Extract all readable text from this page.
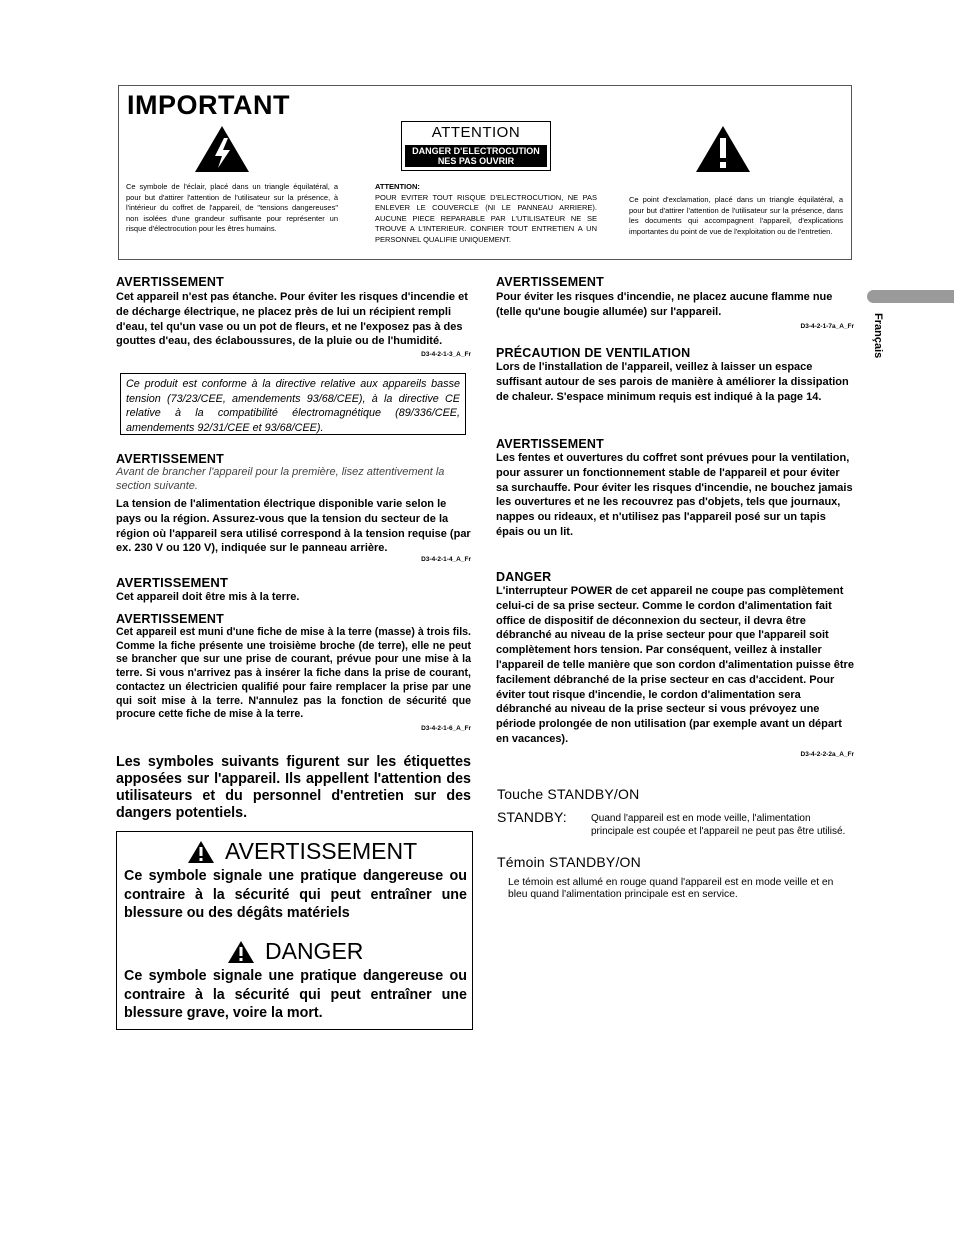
IMPORTANT
ATTENTION
DANGER D'ELECTROCUTION
NES PAS OUVRIR
Ce symbole de l'éclair, placé dans un triangle équilatéral, a pour but d'attirer l'attention de l'utilisateur sur la présence, à l'intérieur du coffret de l'appareil, de "tensions dangereuses" non isolées d'une grandeur suffisante pour représenter un risque d'électrocution pour les êtres humains.
ATTENTION:
POUR EVITER TOUT RISQUE D'ELECTROCUTION, NE PAS ENLEVER LE COUVERCLE (NI LE PANNEAU ARRIERE). AUCUNE PIECE REPARABLE PAR L'UTILISATEUR NE SE TROUVE A L'INTERIEUR. CONFIER TOUT ENTRETIEN A UN PERSONNEL QUALIFIE UNIQUEMENT.
Ce point d'exclamation, placé dans un triangle équilatéral, a pour but d'attirer l'attention de l'utilisateur sur la présence, dans les documents qui accompagnent l'appareil, d'explications importantes du point de vue de l'exploitation ou de l'entretien.
Français
AVERTISSEMENT
Cet appareil n'est pas étanche. Pour éviter les risques d'incendie et de décharge électrique, ne placez près de lui un récipient rempli d'eau, tel qu'un vase ou un pot de fleurs, et ne l'exposez pas à des gouttes d'eau, des éclaboussures, de la pluie ou de l'humidité.
D3-4-2-1-3_A_Fr
Ce produit est conforme à la directive relative aux appareils basse tension (73/23/CEE, amendements 93/68/CEE), à la directive CE relative à la compatibilité électromagnétique (89/336/CEE, amendements 92/31/CEE et 93/68/CEE).
AVERTISSEMENT
Avant de brancher l'appareil pour la première, lisez attentivement la section suivante.
La tension de l'alimentation électrique disponible varie selon le pays ou la région. Assurez-vous que la tension du secteur de la région où l'appareil sera utilisé correspond à la tension requise (par ex. 230 V ou 120 V), indiquée sur le panneau arrière.
D3-4-2-1-4_A_Fr
AVERTISSEMENT
Cet appareil doit être mis à la terre.
AVERTISSEMENT
Cet appareil est muni d'une fiche de mise à la terre (masse) à trois fils. Comme la fiche présente une troisième broche (de terre), elle ne peut se brancher que sur une prise de courant, prévue pour une mise à la terre. Si vous n'arrivez pas à insérer la fiche dans la prise de courant, contactez un électricien qualifié pour faire remplacer la prise par une qui soit mise à la terre. N'annulez pas la fonction de sécurité que procure cette fiche de mise à la terre.
D3-4-2-1-6_A_Fr
Les symboles suivants figurent sur les étiquettes apposées sur l'appareil. Ils appellent l'attention des utilisateurs et du personnel d'entretien sur des dangers potentiels.
AVERTISSEMENT
Ce symbole signale une pratique dangereuse ou contraire à la sécurité qui peut entraîner une blessure ou des dégâts matériels
DANGER
Ce symbole signale une pratique dangereuse ou contraire à la sécurité qui peut entraîner une blessure grave, voire la mort.
AVERTISSEMENT
Pour éviter les risques d'incendie, ne placez aucune flamme nue (telle qu'une bougie allumée) sur l'appareil.
D3-4-2-1-7a_A_Fr
PRÉCAUTION DE VENTILATION
Lors de l'installation de l'appareil, veillez à laisser un espace suffisant autour de ses parois de manière à améliorer la dissipation de chaleur. S'espace minimum requis est indiqué à la page 14.
AVERTISSEMENT
Les fentes et ouvertures du coffret sont prévues pour la ventilation, pour assurer un fonctionnement stable de l'appareil et pour éviter sa surchauffe. Pour éviter les risques d'incendie, ne bouchez jamais les ouvertures et ne les recouvrez pas d'objets, tels que journaux, nappes ou rideaux, et n'utilisez pas l'appareil posé sur un tapis épais ou un lit.
DANGER
L'interrupteur POWER de cet appareil ne coupe pas complètement celui-ci de sa prise secteur. Comme le cordon d'alimentation fait office de dispositif de déconnexion du secteur, il devra être débranché au niveau de la prise secteur pour que l'appareil soit complètement hors tension. Par conséquent, veillez à installer l'appareil de telle manière que son cordon d'alimentation puisse être facilement débranché de la prise secteur en cas d'accident. Pour éviter tout risque d'incendie, le cordon d'alimentation sera débranché au niveau de la prise secteur si vous prévoyez une période prolongée de non utilisation (par exemple avant un départ en vacances).
D3-4-2-2-2a_A_Fr
Touche STANDBY/ON
STANDBY: Quand l'appareil est en mode veille, l'alimentation principale est coupée et l'appareil ne peut pas être utilisé.
Témoin STANDBY/ON
Le témoin est allumé en rouge quand l'appareil est en mode veille et en bleu quand l'alimentation principale est en service.
